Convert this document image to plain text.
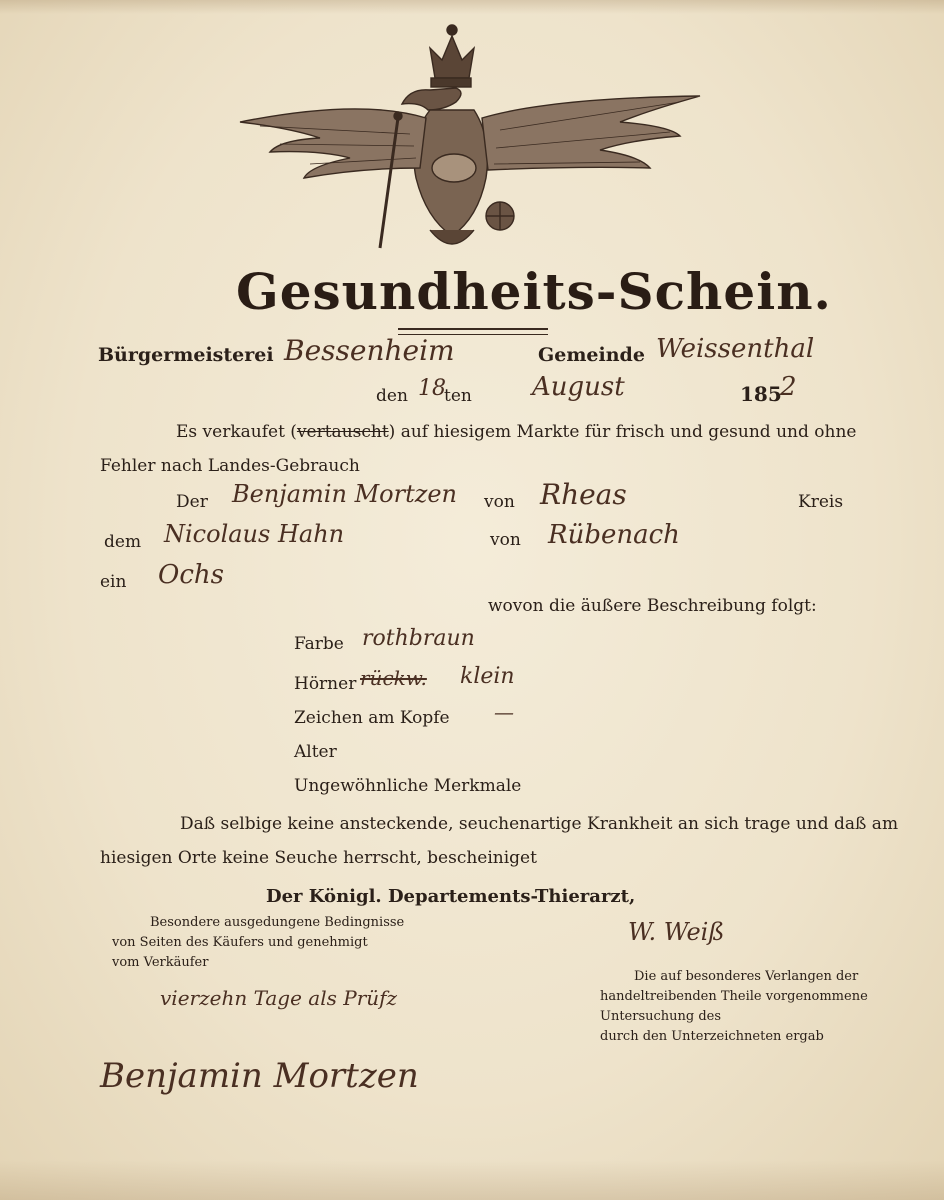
Gesundheits-Schein.
Bürgermeisterei Bessenheim	Gemeinde Weissenthal
den 18
ten August	185
2
Es verkaufet (vertauscht) auf hiesigem Markte für frisch und gesund und ohne
Fehler nach Landes-Gebrauch
Der Benjamin Mortzen von Rheas	Kreis
dem Nicolaus Hahn	von Rübenach
ein Ochs
wovon die äußere Beschreibung folgt:
Farbe rothbraun
Hörner rückw. klein
Zeichen am Kopfe —
Alter
Ungewöhnliche Merkmale
Daß selbige keine ansteckende, seuchenartige Krankheit an sich trage und daß am
hiesigen Orte keine Seuche herrscht, bescheiniget
Der Königl. Departements-Thierarzt,
Besondere ausgedungene Bedingnisse
von Seiten des Käufers und genehmigt
vom Verkäufer
vierzehn Tage als Prüfz
W. Weiß
Die auf besonderes Verlangen der
handeltreibenden Theile vorgenommene
Untersuchung des
durch den Unterzeichneten ergab
Benjamin Mortzen
